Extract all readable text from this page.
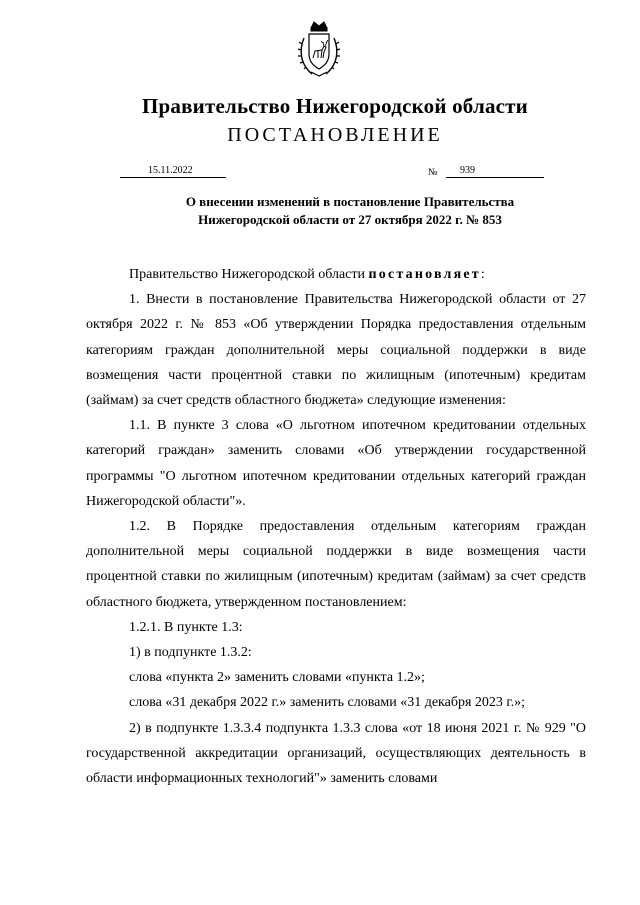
Правительство Нижегородской области
ПОСТАНОВЛЕНИЕ
15.11.2022	№	939
О внесении изменений в постановление Правительства
Нижегородской области от 27 октября 2022 г. № 853

Правительство Нижегородской области постановляет:

1. Внести в постановление Правительства Нижегородской области от 27 октября 2022 г. № 853 «Об утверждении Порядка предоставления отдельным категориям граждан дополнительной меры социальной поддержки в виде возмещения части процентной ставки по жилищным (ипотечным) кредитам (займам) за счет средств областного бюджета» следующие изменения:

1.1. В пункте 3 слова «О льготном ипотечном кредитовании отдельных категорий граждан» заменить словами «Об утверждении государственной программы "О льготном ипотечном кредитовании отдельных категорий граждан Нижегородской области"».

1.2. В Порядке предоставления отдельным категориям граждан дополнительной меры социальной поддержки в виде возмещения части процентной ставки по жилищным (ипотечным) кредитам (займам) за счет средств областного бюджета, утвержденном постановлением:

1.2.1. В пункте 1.3:

1) в подпункте 1.3.2:

слова «пункта 2» заменить словами «пункта 1.2»;

слова «31 декабря 2022 г.» заменить словами «31 декабря 2023 г.»;

2) в подпункте 1.3.3.4 подпункта 1.3.3 слова «от 18 июня 2021 г. № 929 "О государственной аккредитации организаций, осуществляющих деятельность в области информационных технологий"» заменить словами
